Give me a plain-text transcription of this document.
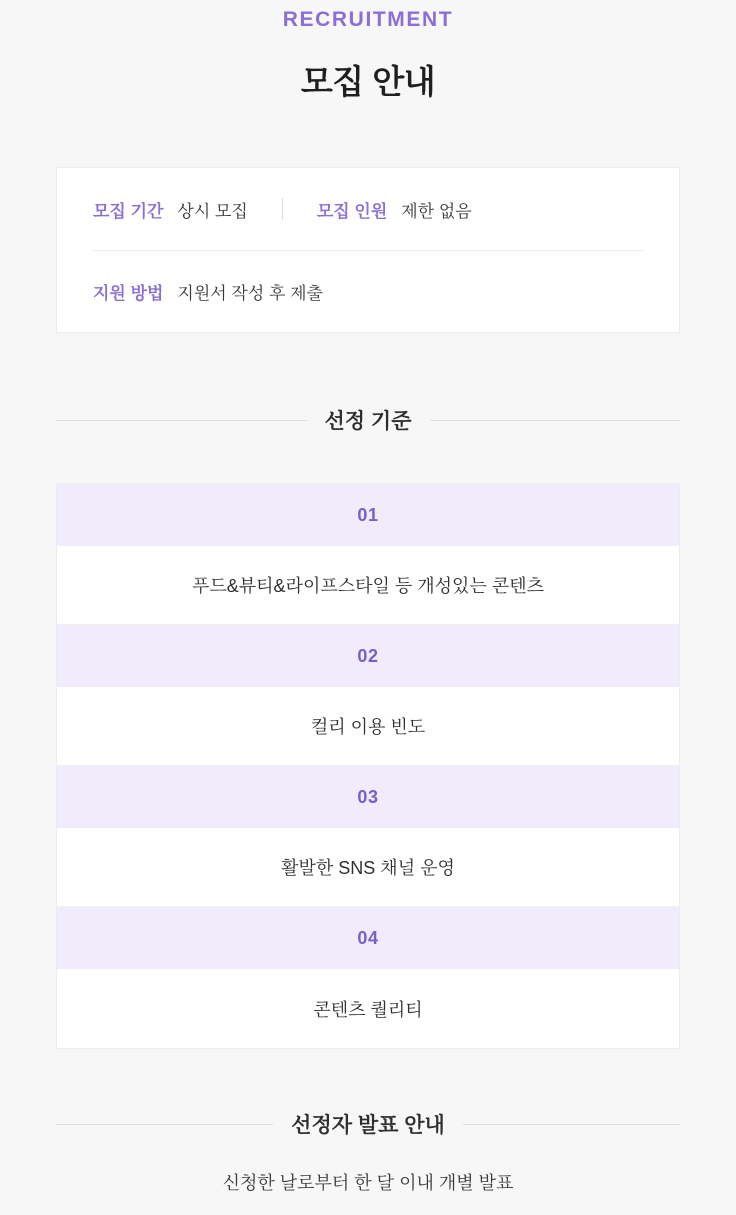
RECRUITMENT
모집 안내
모집 기간 상시 모집	모집 인원 제한 없음
지원 방법 지원서 작성 후 제출
선정 기준
01
푸드&뷰티&라이프스타일 등 개성있는 콘텐츠
02
컬리 이용 빈도
03
활발한 SNS 채널 운영
04
콘텐츠 퀄리티
선정자 발표 안내
신청한 날로부터 한 달 이내 개별 발표
